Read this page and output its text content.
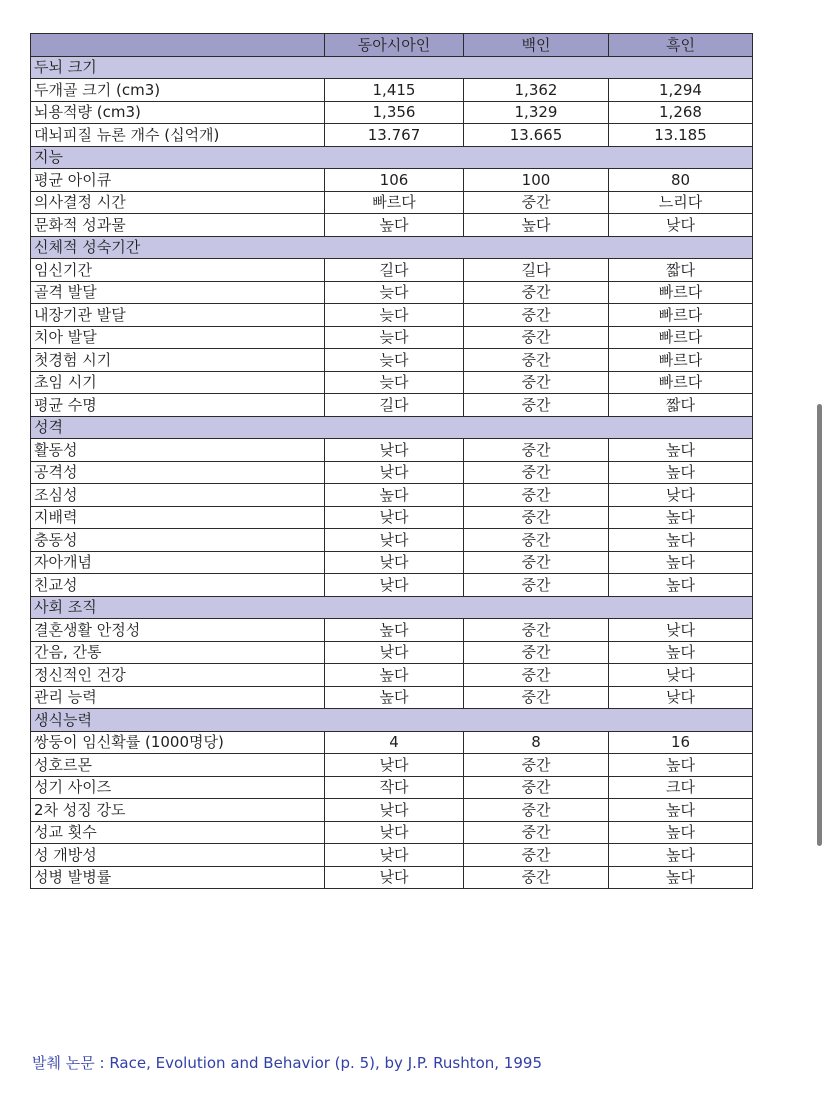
	동아시아인	백인	흑인
두뇌 크기			
두개골 크기 (cm3)	1,415	1,362	1,294
뇌용적량 (cm3)	1,356	1,329	1,268
대뇌피질 뉴론 개수 (십억개)	13.767	13.665	13.185
지능			
평균 아이큐	106	100	80
의사결정 시간	빠르다	중간	느리다
문화적 성과물	높다	높다	낮다
신체적 성숙기간			
임신기간	길다	길다	짧다
골격 발달	늦다	중간	빠르다
내장기관 발달	늦다	중간	빠르다
치아 발달	늦다	중간	빠르다
첫경험 시기	늦다	중간	빠르다
초임 시기	늦다	중간	빠르다
평균 수명	길다	중간	짧다
성격			
활동성	낮다	중간	높다
공격성	낮다	중간	높다
조심성	높다	중간	낮다
지배력	낮다	중간	높다
충동성	낮다	중간	높다
자아개념	낮다	중간	높다
친교성	낮다	중간	높다
사회 조직			
결혼생활 안정성	높다	중간	낮다
간음, 간통	낮다	중간	높다
정신적인 건강	높다	중간	낮다
관리 능력	높다	중간	낮다
생식능력			
쌍둥이 임신확률 (1000명당)	4	8	16
성호르몬	낮다	중간	높다
성기 사이즈	작다	중간	크다
2차 성징 강도	낮다	중간	높다
성교 횟수	낮다	중간	높다
성 개방성	낮다	중간	높다
성병 발병률	낮다	중간	높다
발췌 논문 : Race, Evolution and Behavior (p. 5), by J.P. Rushton, 1995
